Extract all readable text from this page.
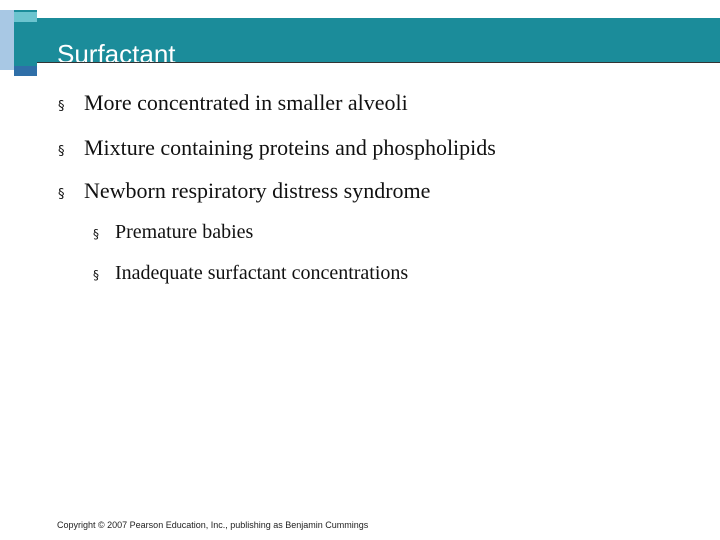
Surfactant
§ More concentrated in smaller alveoli
§ Mixture containing proteins and phospholipids
§ Newborn respiratory distress syndrome
§ Premature babies
§ Inadequate surfactant concentrations
Copyright © 2007 Pearson Education, Inc., publishing as Benjamin Cummings
